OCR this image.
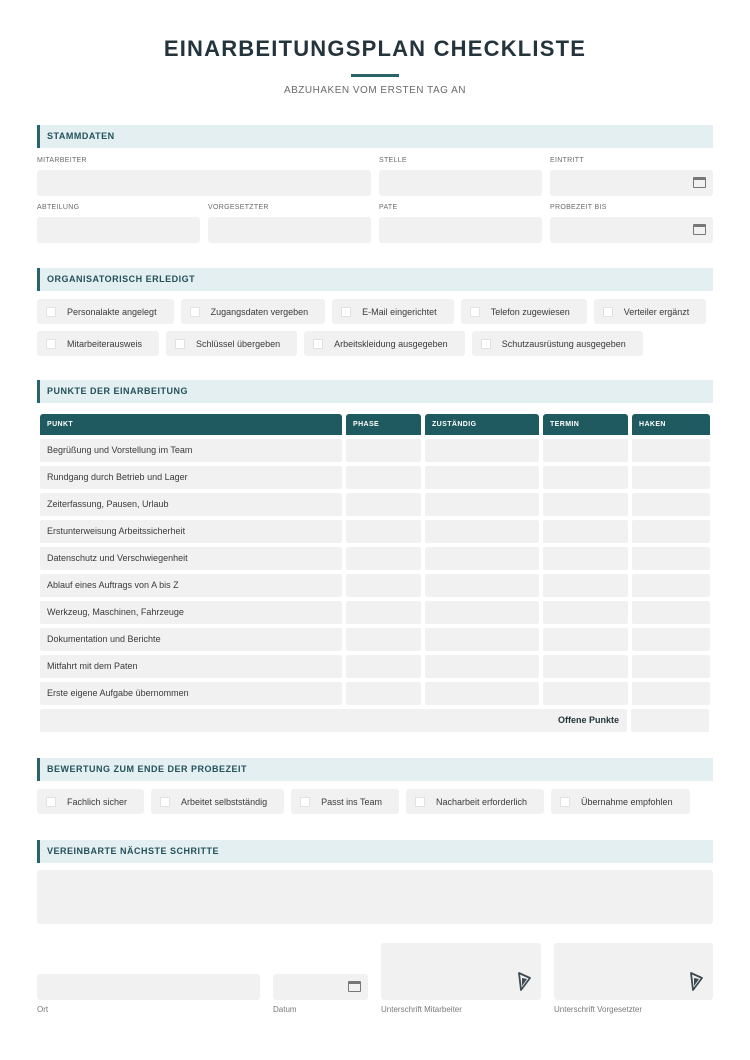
EINARBEITUNGSPLAN CHECKLISTE
ABZUHAKEN VOM ERSTEN TAG AN
STAMMDATEN
MITARBEITER	STELLE	EINTRITT
ABTEILUNG	VORGESETZTER	PATE	PROBEZEIT BIS
ORGANISATORISCH ERLEDIGT
Personalakte angelegt	Zugangsdaten vergeben	E-Mail eingerichtet	Telefon zugewiesen	Verteiler ergänzt
Mitarbeiterausweis	Schlüssel übergeben	Arbeitskleidung ausgegeben	Schutzausrüstung ausgegeben
PUNKTE DER EINARBEITUNG
PUNKT	PHASE	ZUSTÄNDIG	TERMIN	HAKEN
Begrüßung und Vorstellung im Team
Rundgang durch Betrieb und Lager
Zeiterfassung, Pausen, Urlaub
Erstunterweisung Arbeitssicherheit
Datenschutz und Verschwiegenheit
Ablauf eines Auftrags von A bis Z
Werkzeug, Maschinen, Fahrzeuge
Dokumentation und Berichte
Mitfahrt mit dem Paten
Erste eigene Aufgabe übernommen
Offene Punkte
BEWERTUNG ZUM ENDE DER PROBEZEIT
Fachlich sicher	Arbeitet selbstständig	Passt ins Team	Nacharbeit erforderlich	Übernahme empfohlen
VEREINBARTE NÄCHSTE SCHRITTE
Ort	Datum	Unterschrift Mitarbeiter	Unterschrift Vorgesetzter
